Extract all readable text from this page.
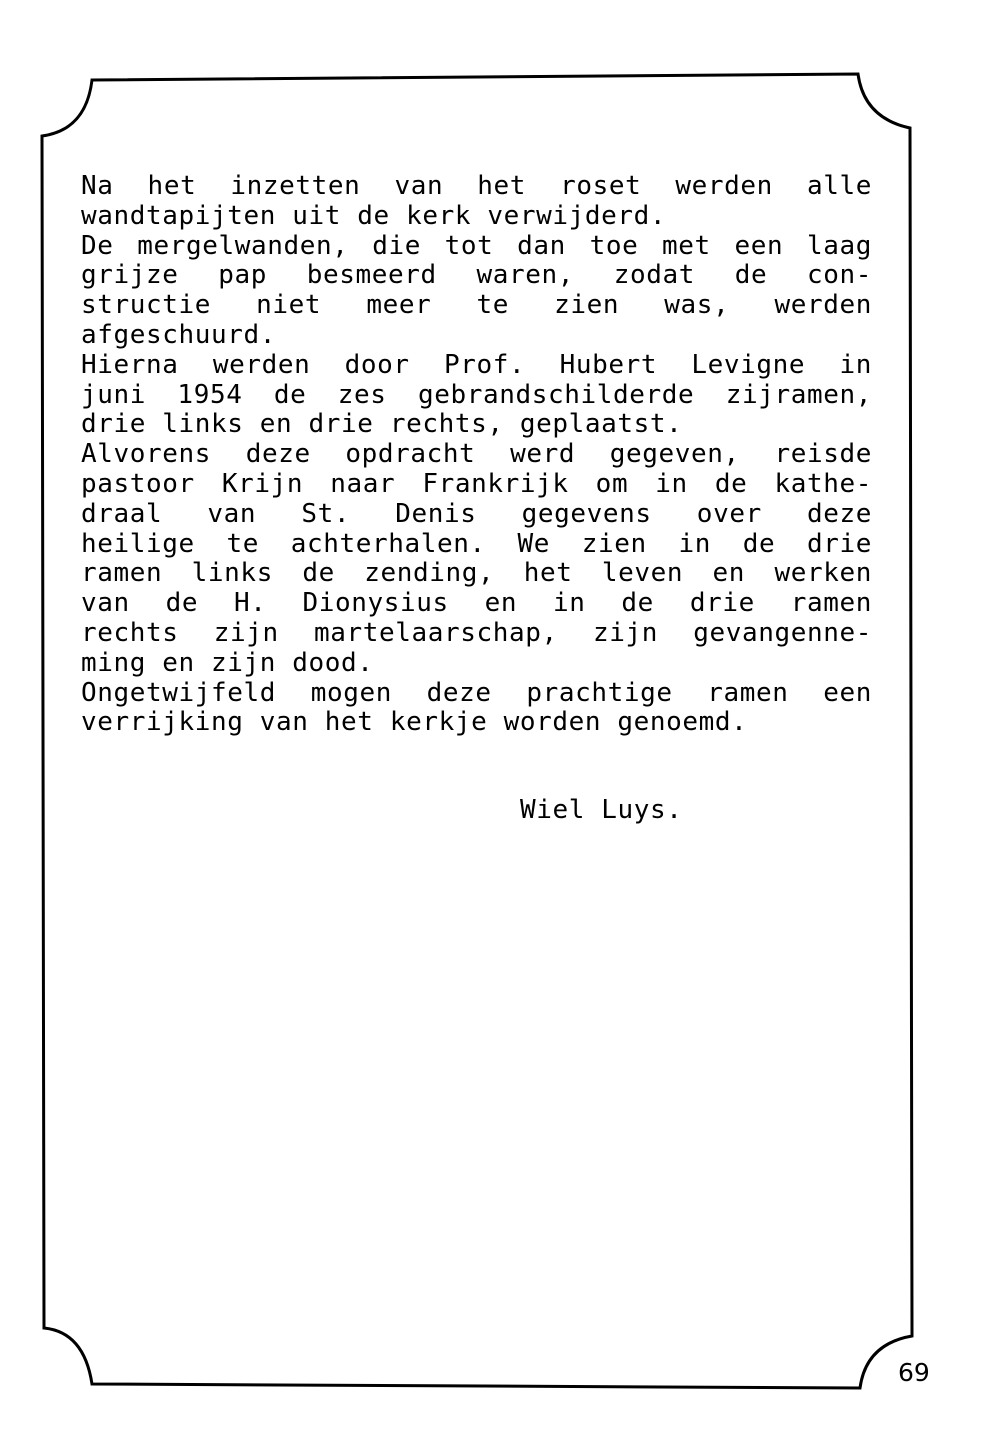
Na het inzetten van het roset werden alle
wandtapijten uit de kerk verwijderd.
De mergelwanden, die tot dan toe met een laag
grijze pap besmeerd waren, zodat de con-
structie niet meer te zien was, werden
afgeschuurd.
Hierna werden door Prof. Hubert Levigne in
juni 1954 de zes gebrandschilderde zijramen,
drie links en drie rechts, geplaatst.
Alvorens deze opdracht werd gegeven, reisde
pastoor Krijn naar Frankrijk om in de kathe-
draal van St. Denis gegevens over deze
heilige te achterhalen. We zien in de drie
ramen links de zending, het leven en werken
van de H. Dionysius en in de drie ramen
rechts zijn martelaarschap, zijn gevangenne-
ming en zijn dood.
Ongetwijfeld mogen deze prachtige ramen een
verrijking van het kerkje worden genoemd.
Wiel Luys.
69
